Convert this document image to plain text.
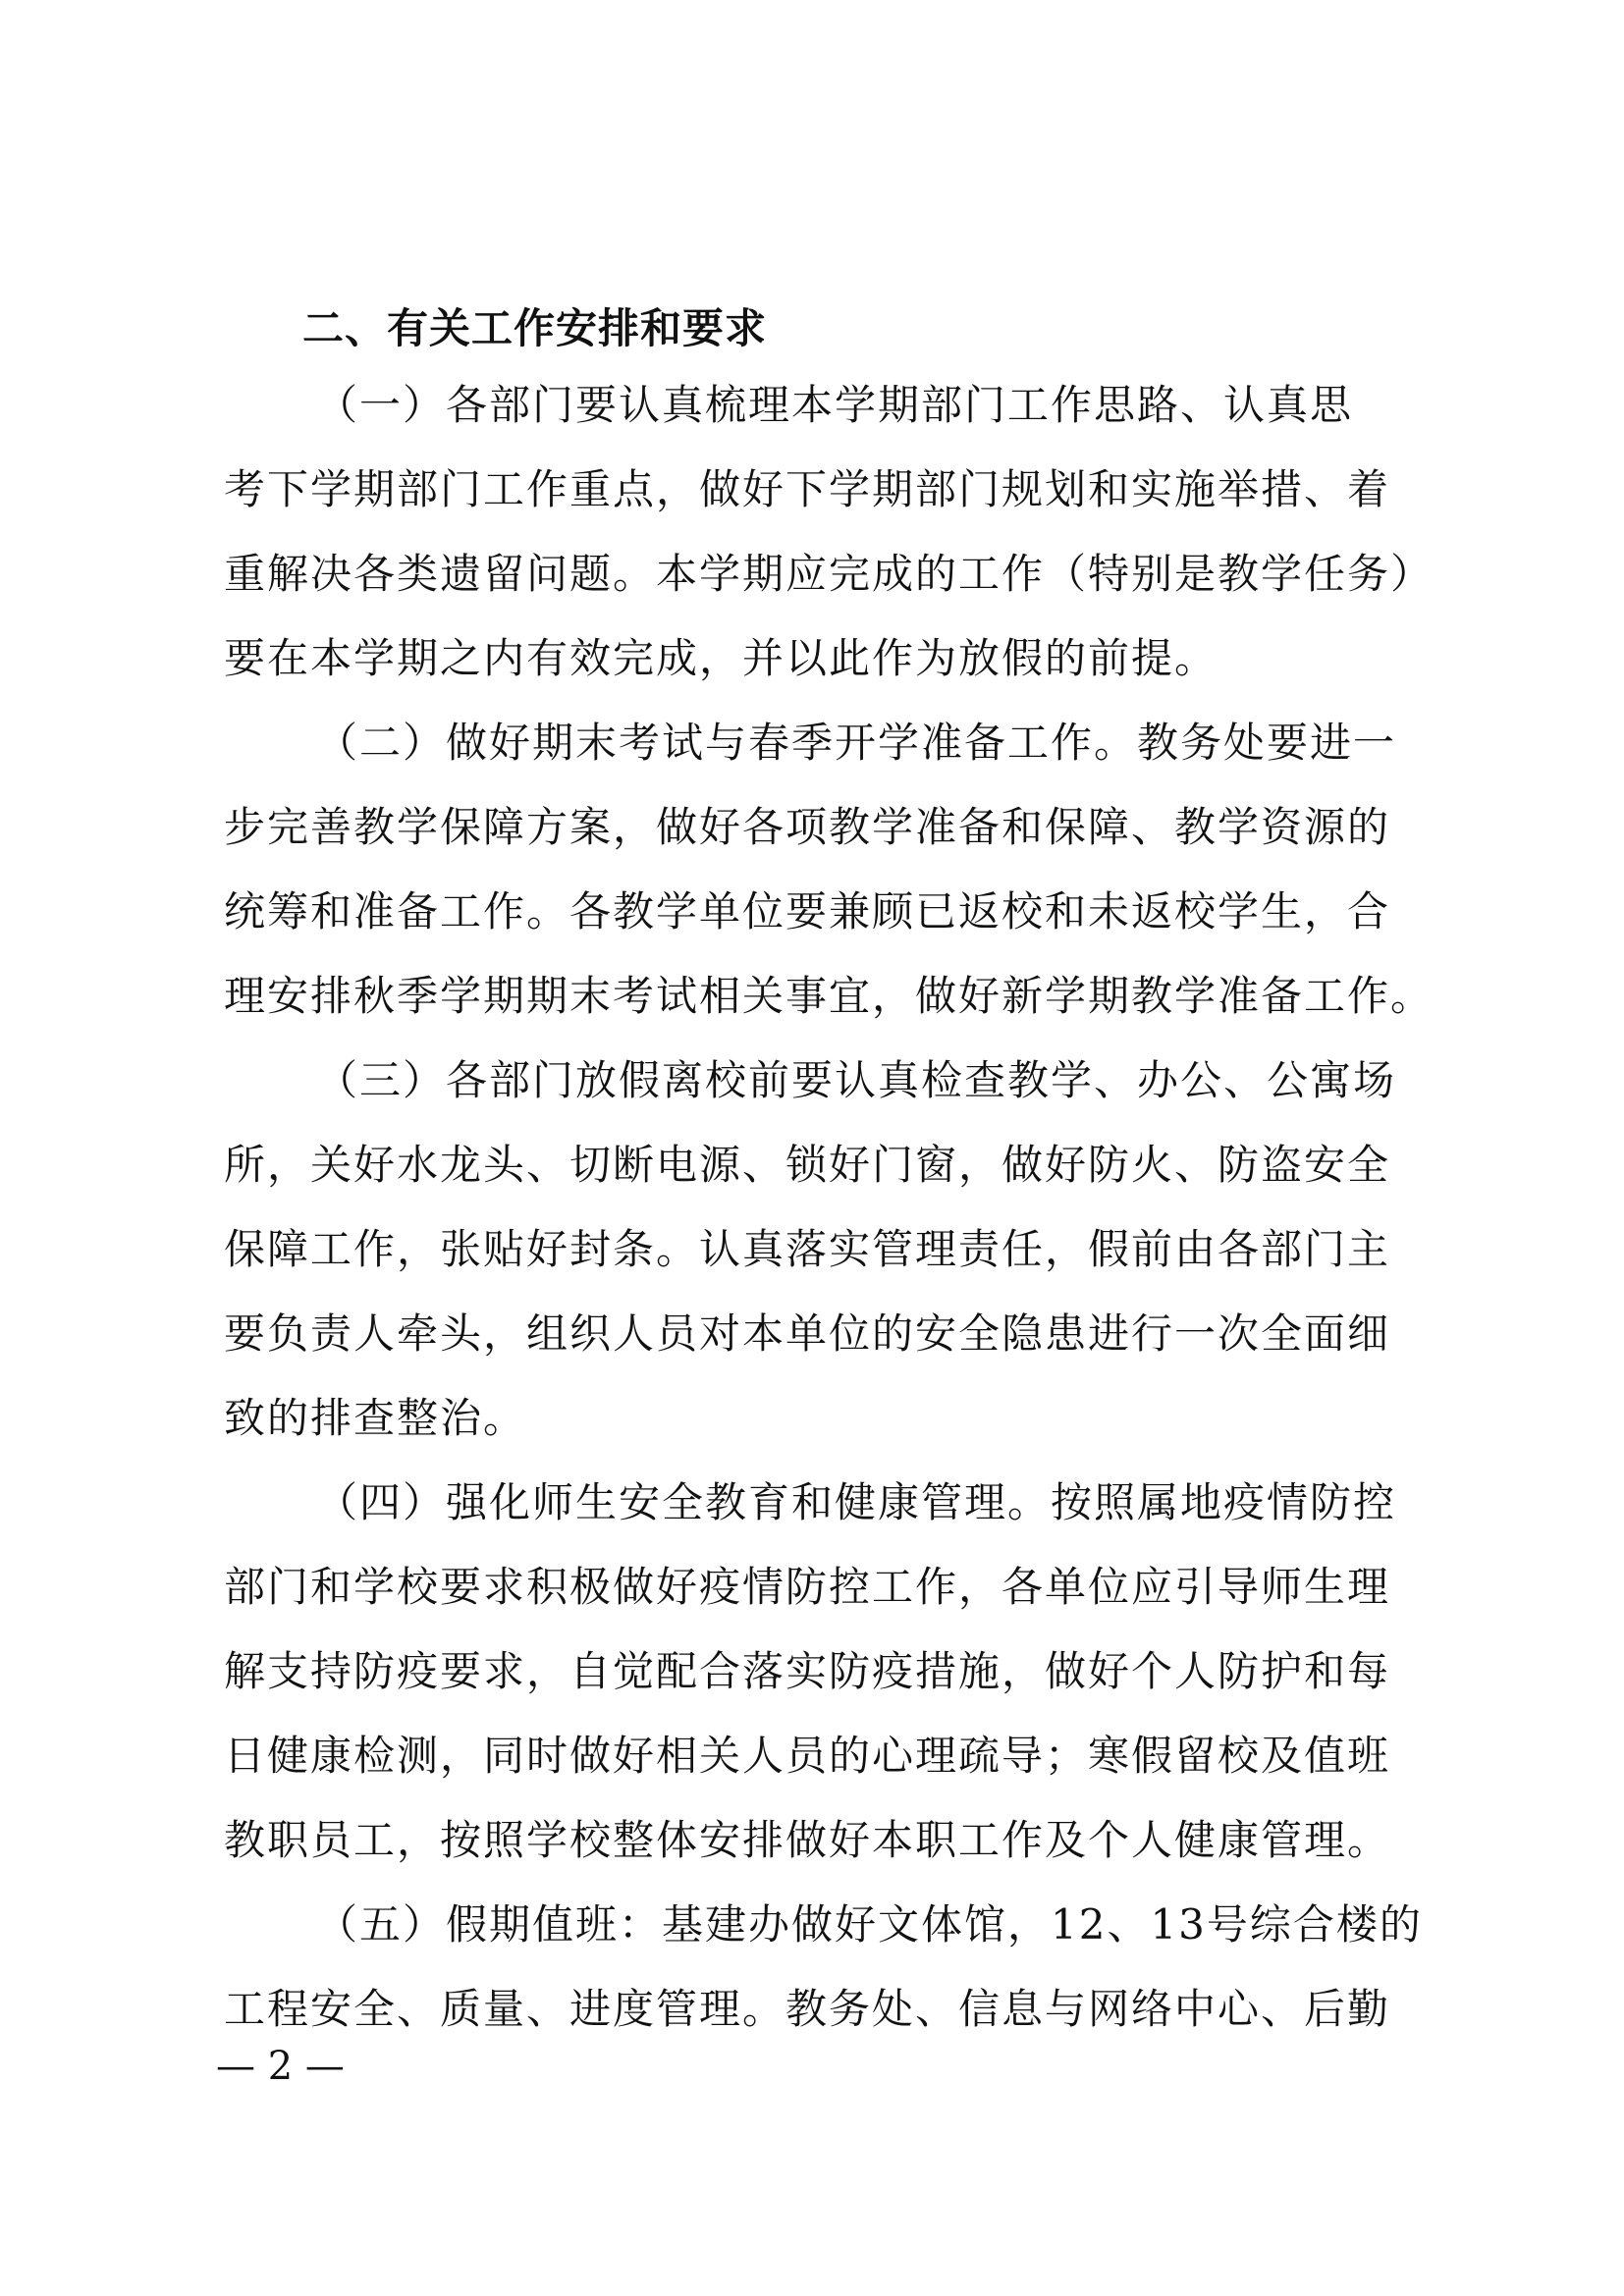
二、有关工作安排和要求
（一）各部门要认真梳理本学期部门工作思路、认真思
考下学期部门工作重点，做好下学期部门规划和实施举措、着
重解决各类遗留问题。本学期应完成的工作（特别是教学任务）
要在本学期之内有效完成，并以此作为放假的前提。
（二）做好期末考试与春季开学准备工作。教务处要进一
步完善教学保障方案，做好各项教学准备和保障、教学资源的
统筹和准备工作。各教学单位要兼顾已返校和未返校学生，合
理安排秋季学期期末考试相关事宜，做好新学期教学准备工作。
（三）各部门放假离校前要认真检查教学、办公、公寓场
所，关好水龙头、切断电源、锁好门窗，做好防火、防盗安全
保障工作，张贴好封条。认真落实管理责任，假前由各部门主
要负责人牵头，组织人员对本单位的安全隐患进行一次全面细
致的排查整治。
（四）强化师生安全教育和健康管理。按照属地疫情防控
部门和学校要求积极做好疫情防控工作，各单位应引导师生理
解支持防疫要求，自觉配合落实防疫措施，做好个人防护和每
日健康检测，同时做好相关人员的心理疏导；寒假留校及值班
教职员工，按照学校整体安排做好本职工作及个人健康管理。
（五）假期值班：基建办做好文体馆，12、13号综合楼的
工程安全、质量、进度管理。教务处、信息与网络中心、后勤
— 2 —
